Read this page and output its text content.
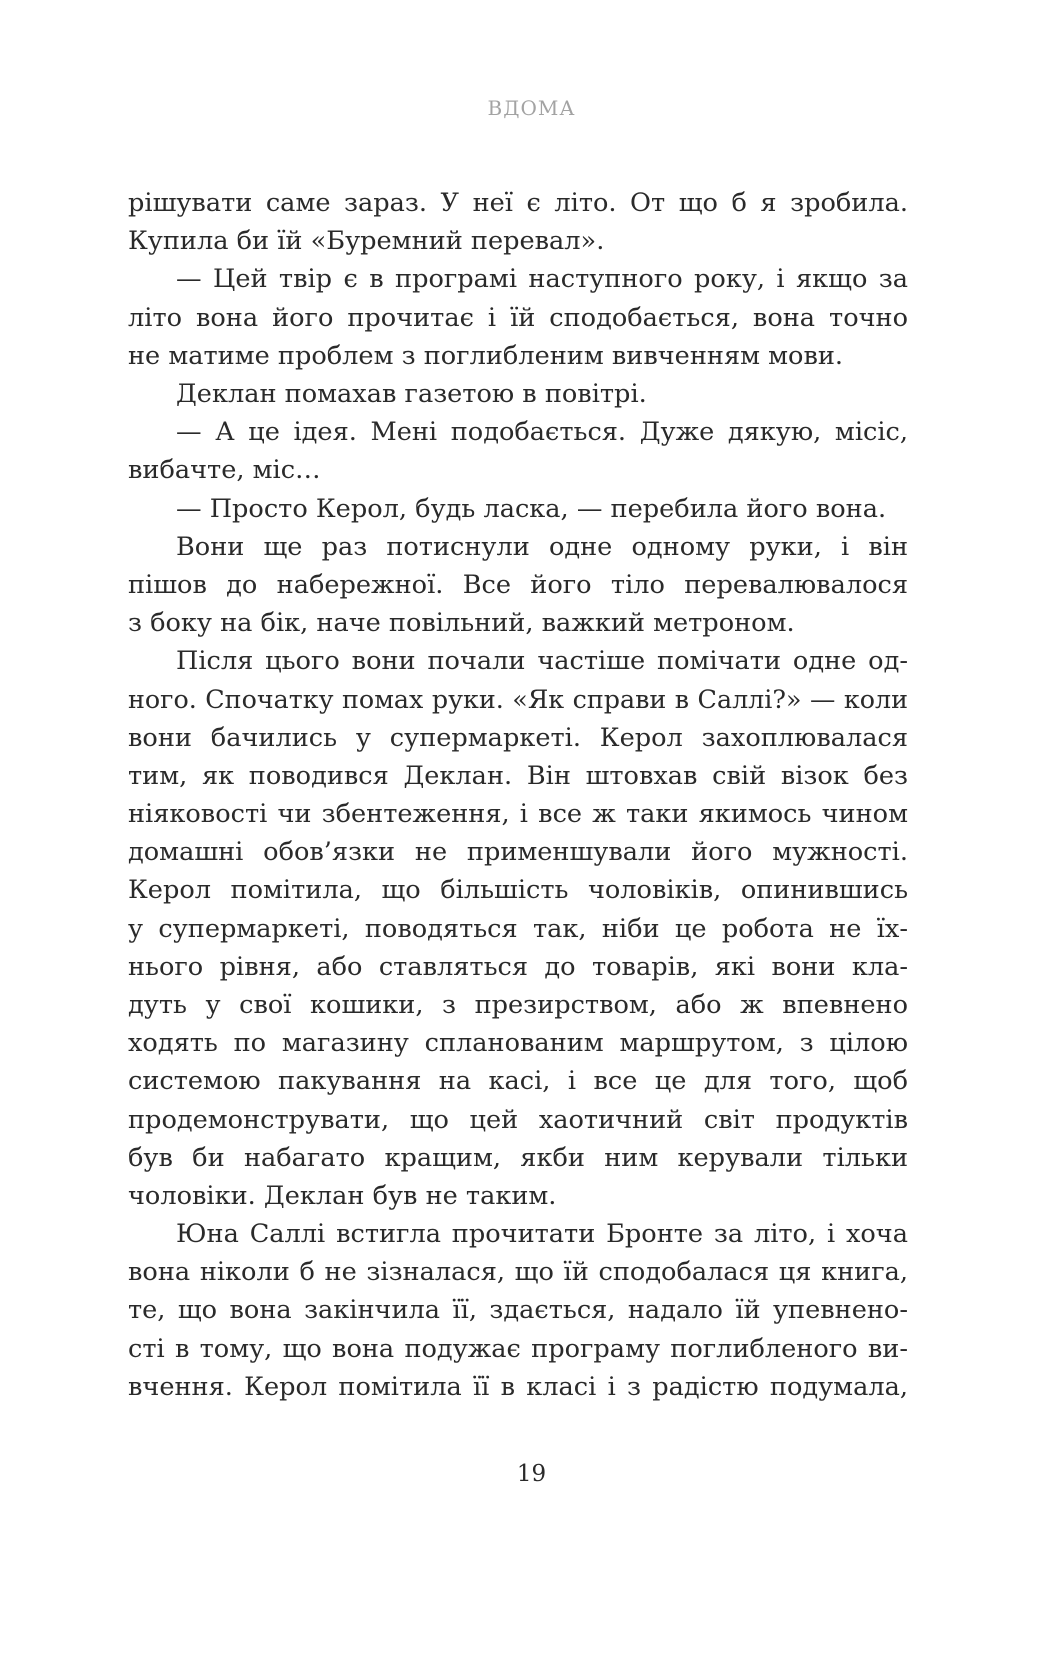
ВДОМА
рішувати саме зараз. У неї є літо. От що б я зробила.
Купила би їй «Буремний перевал».
— Цей твір є в програмі наступного року, і якщо за
літо вона його прочитає і їй сподобається, вона точно
не матиме проблем з поглибленим вивченням мови.
Деклан помахав газетою в повітрі.
— А це ідея. Мені подобається. Дуже дякую, місіс,
вибачте, міс…
— Просто Керол, будь ласка, — перебила його вона.
Вони ще раз потиснули одне одному руки, і він
пішов до набережної. Все його тіло перевалювалося
з боку на бік, наче повільний, важкий метроном.
Після цього вони почали частіше помічати одне од-
ного. Спочатку помах руки. «Як справи в Саллі?» — коли
вони бачились у супермаркеті. Керол захоплювалася
тим, як поводився Деклан. Він штовхав свій візок без
ніяковості чи збентеження, і все ж таки якимось чином
домашні обов’язки не применшували його мужності.
Керол помітила, що більшість чоловіків, опинившись
у супермаркеті, поводяться так, ніби це робота не їх-
нього рівня, або ставляться до товарів, які вони кла-
дуть у свої кошики, з презирством, або ж впевнено
ходять по магазину спланованим маршрутом, з цілою
системою пакування на касі, і все це для того, щоб
продемонструвати, що цей хаотичний світ продуктів
був би набагато кращим, якби ним керували тільки
чоловіки. Деклан був не таким.
Юна Саллі встигла прочитати Бронте за літо, і хоча
вона ніколи б не зізналася, що їй сподобалася ця книга,
те, що вона закінчила її, здається, надало їй упевнено-
сті в тому, що вона подужає програму поглибленого ви-
вчення. Керол помітила її в класі і з радістю подумала,
19
